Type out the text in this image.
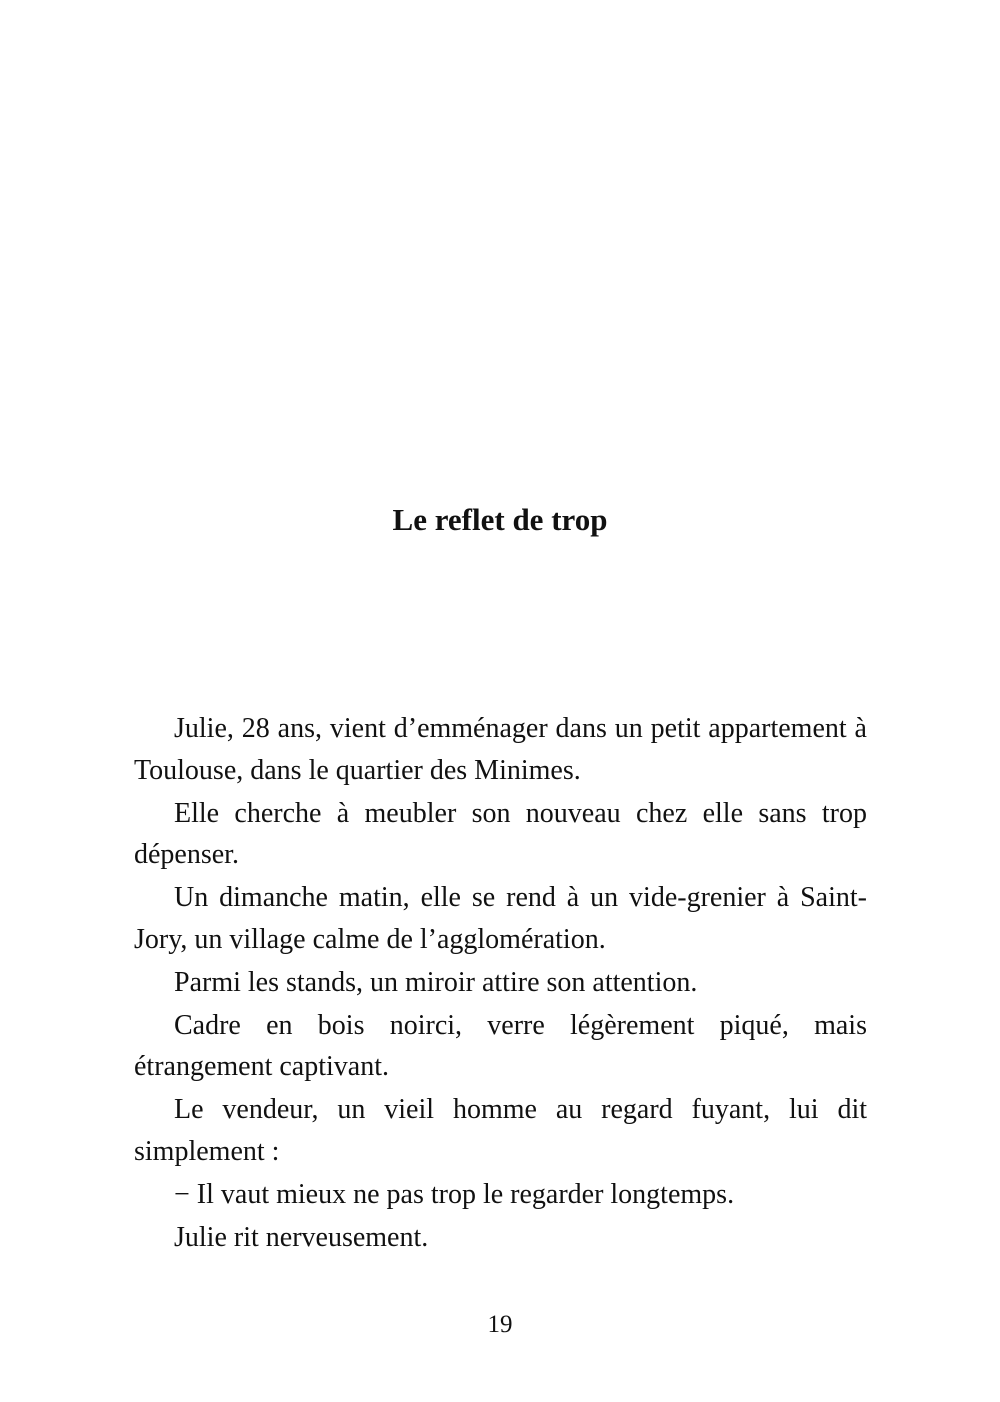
Le reflet de trop

Julie, 28 ans, vient d’emménager dans un petit appartement à Toulouse, dans le quartier des Minimes.

Elle cherche à meubler son nouveau chez elle sans trop dépenser.

Un dimanche matin, elle se rend à un vide-grenier à Saint-Jory, un village calme de l’agglomération.

Parmi les stands, un miroir attire son attention.

Cadre en bois noirci, verre légèrement piqué, mais étrangement captivant.

Le vendeur, un vieil homme au regard fuyant, lui dit simplement :

− Il vaut mieux ne pas trop le regarder longtemps.

Julie rit nerveusement.

19
